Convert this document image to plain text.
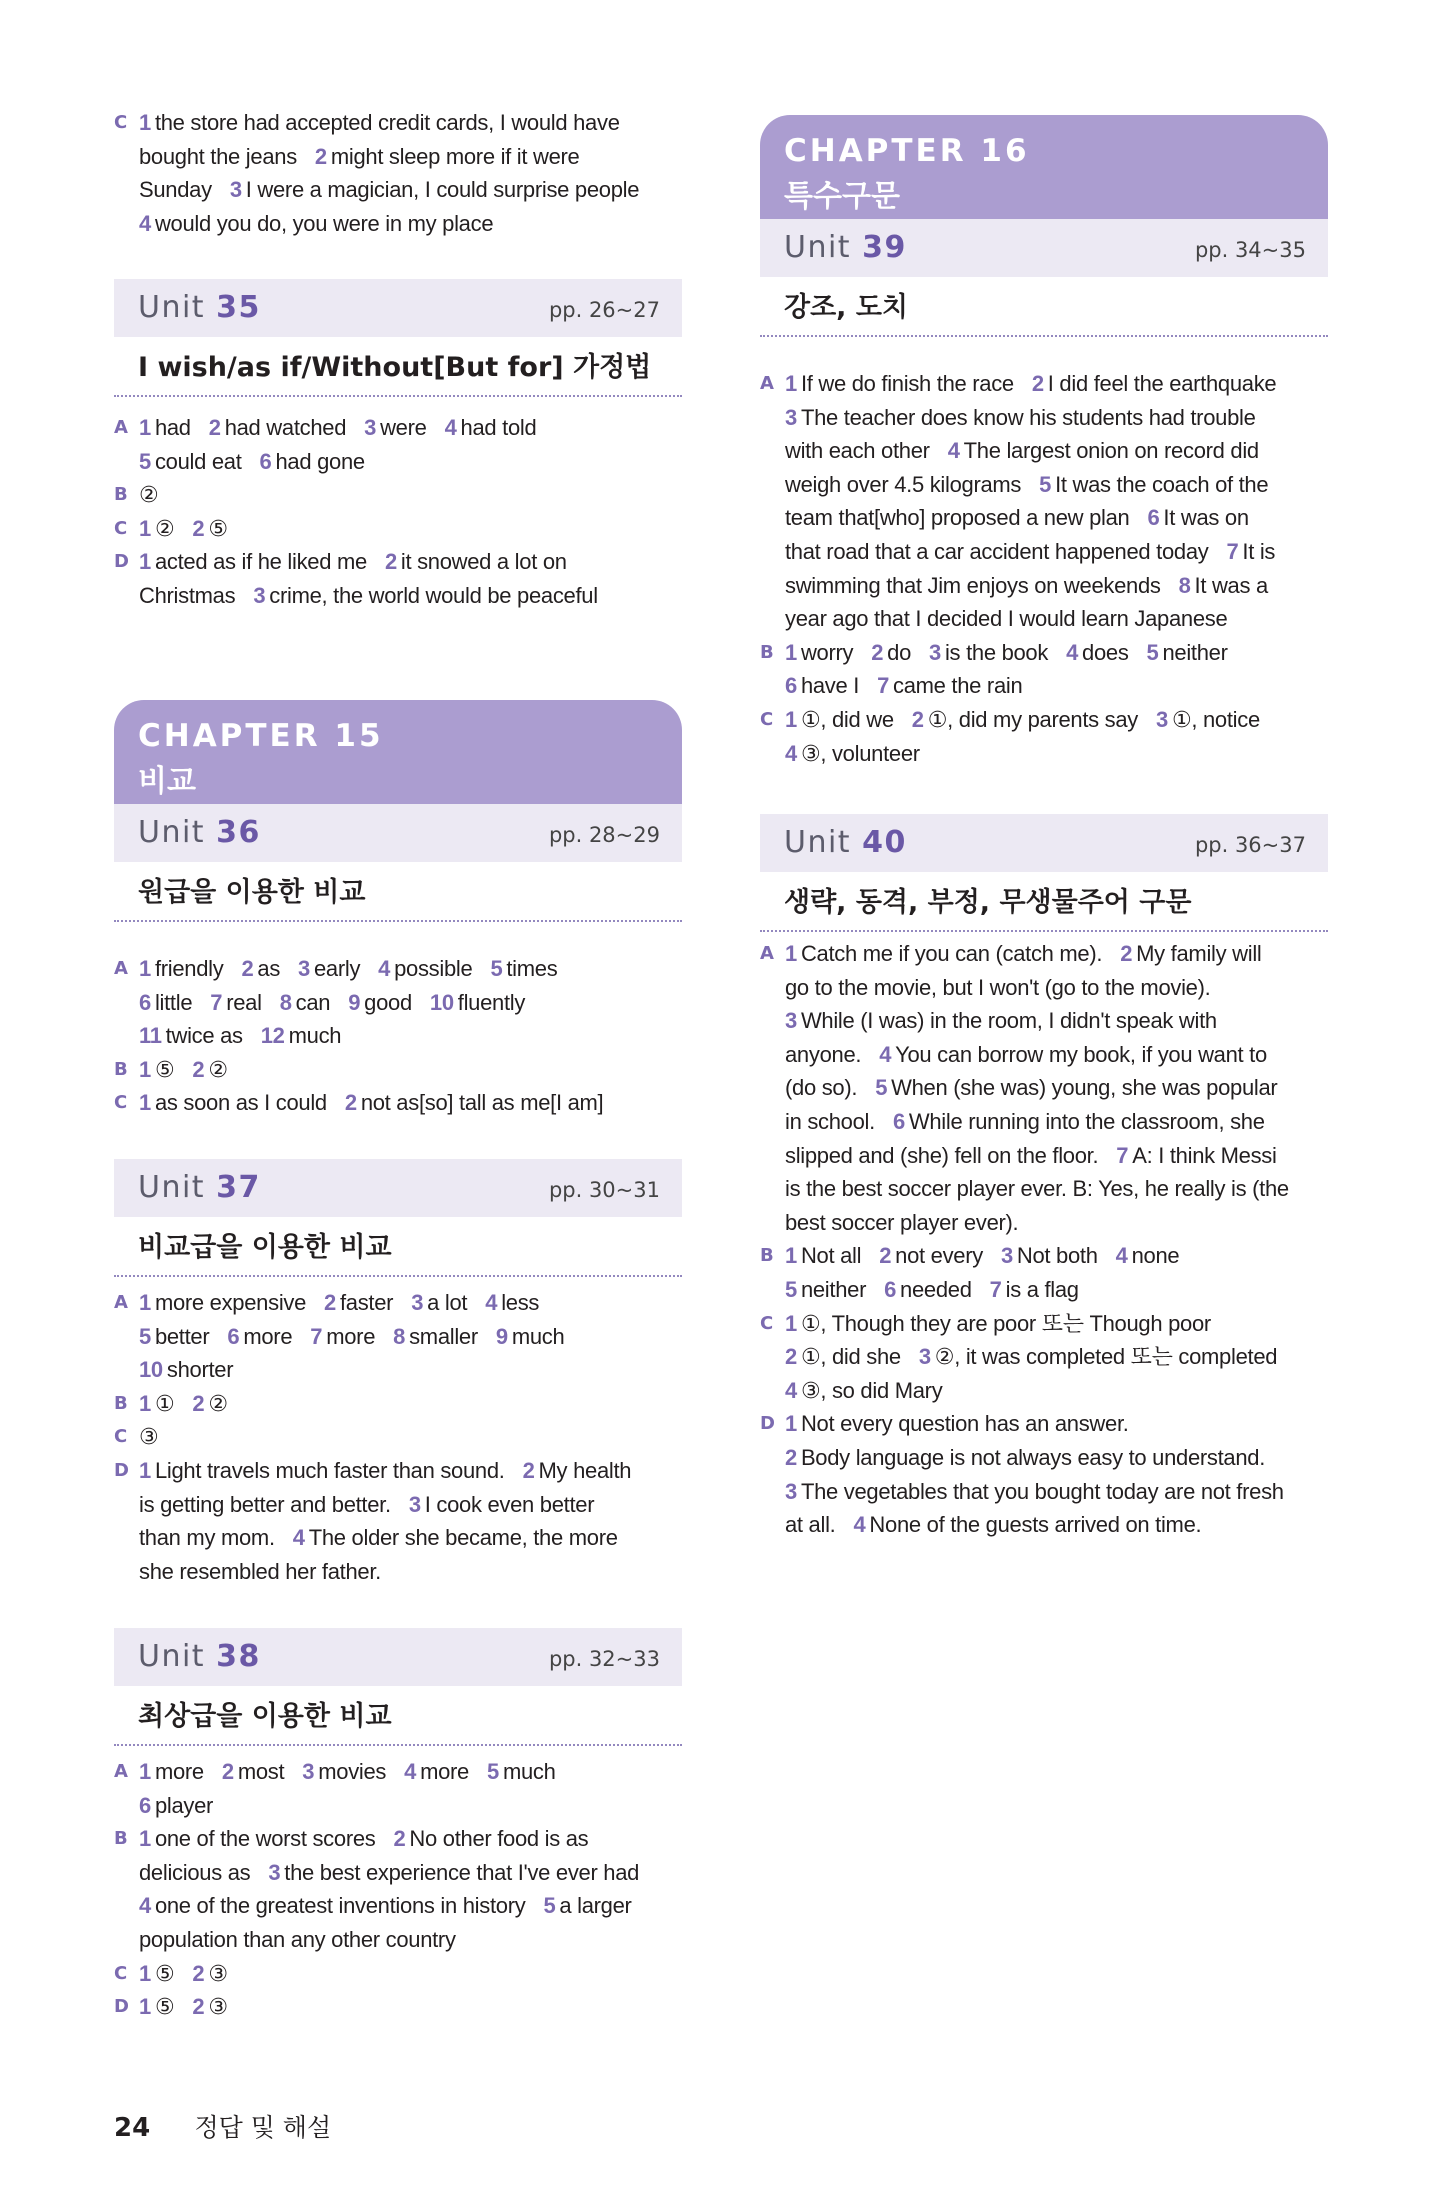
C 1 the store had accepted credit cards, I would have
bought the jeans 2 might sleep more if it were
Sunday 3 I were a magician, I could surprise people
4 would you do, you were in my place
Unit 35	pp. 26~27
I wish/as if/Without[But for] 가정법
A 1 had 2 had watched 3 were 4 had told
5 could eat 6 had gone
B ②
C 1 ② 2 ⑤
D 1 acted as if he liked me 2 it snowed a lot on
Christmas 3 crime, the world would be peaceful
CHAPTER 15
비교
Unit 36	pp. 28~29
원급을 이용한 비교
A 1 friendly 2 as 3 early 4 possible 5 times
6 little 7 real 8 can 9 good 10 fluently
11 twice as 12 much
B 1 ⑤ 2 ②
C 1 as soon as I could 2 not as[so] tall as me[I am]
Unit 37	pp. 30~31
비교급을 이용한 비교
A 1 more expensive 2 faster 3 a lot 4 less
5 better 6 more 7 more 8 smaller 9 much
10 shorter
B 1 ① 2 ②
C ③
D 1 Light travels much faster than sound. 2 My health
is getting better and better. 3 I cook even better
than my mom. 4 The older she became, the more
she resembled her father.
Unit 38	pp. 32~33
최상급을 이용한 비교
A 1 more 2 most 3 movies 4 more 5 much
6 player
B 1 one of the worst scores 2 No other food is as
delicious as 3 the best experience that I've ever had
4 one of the greatest inventions in history 5 a larger
population than any other country
C 1 ⑤ 2 ③
D 1 ⑤ 2 ③
CHAPTER 16
특수구문
Unit 39	pp. 34~35
강조, 도치
A 1 If we do finish the race 2 I did feel the earthquake
3 The teacher does know his students had trouble
with each other 4 The largest onion on record did
weigh over 4.5 kilograms 5 It was the coach of the
team that[who] proposed a new plan 6 It was on
that road that a car accident happened today 7 It is
swimming that Jim enjoys on weekends 8 It was a
year ago that I decided I would learn Japanese
B 1 worry 2 do 3 is the book 4 does 5 neither
6 have I 7 came the rain
C 1 ①, did we 2 ①, did my parents say 3 ①, notice
4 ③, volunteer
Unit 40	pp. 36~37
생략, 동격, 부정, 무생물주어 구문
A 1 Catch me if you can (catch me). 2 My family will
go to the movie, but I won't (go to the movie).
3 While (I was) in the room, I didn't speak with
anyone. 4 You can borrow my book, if you want to
(do so). 5 When (she was) young, she was popular
in school. 6 While running into the classroom, she
slipped and (she) fell on the floor. 7 A: I think Messi
is the best soccer player ever. B: Yes, he really is (the
best soccer player ever).
B 1 Not all 2 not every 3 Not both 4 none
5 neither 6 needed 7 is a flag
C 1 ①, Though they are poor 또는 Though poor
2 ①, did she 3 ②, it was completed 또는 completed
4 ③, so did Mary
D 1 Not every question has an answer.
2 Body language is not always easy to understand.
3 The vegetables that you bought today are not fresh
at all. 4 None of the guests arrived on time.
24 정답 및 해설
